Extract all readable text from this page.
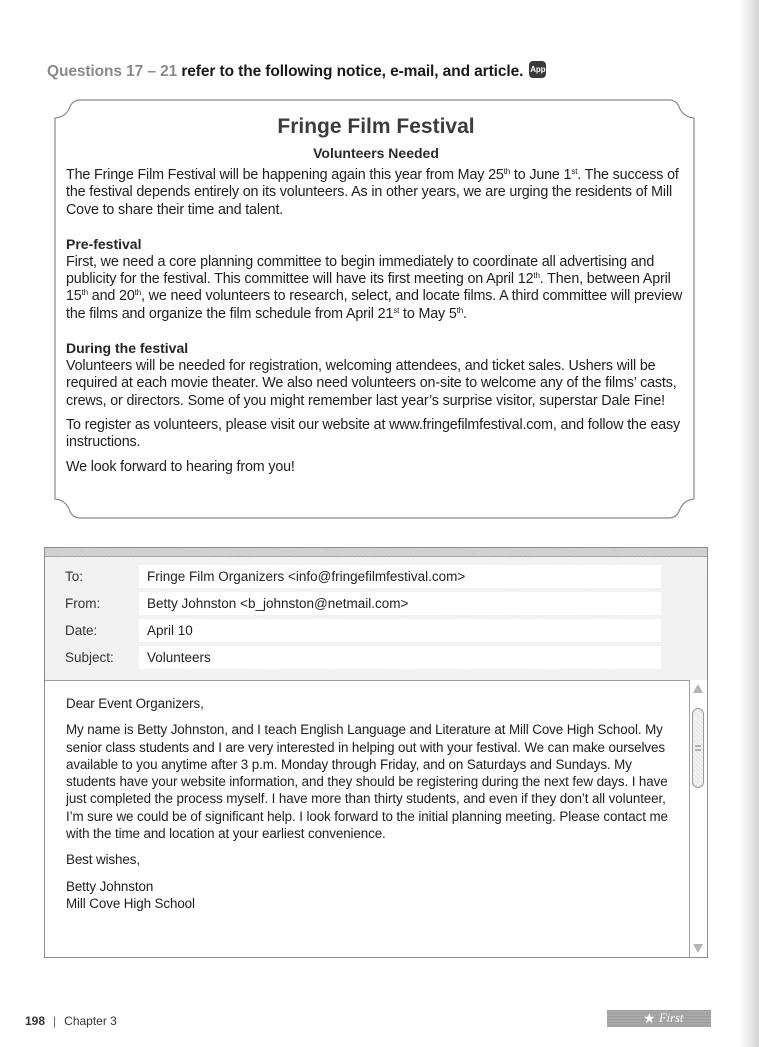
Questions 17 – 21 refer to the following notice, e-mail, and article. App
Fringe Film Festival
Volunteers Needed

The Fringe Film Festival will be happening again this year from May 25th to June 1st. The success of the festival depends entirely on its volunteers. As in other years, we are urging the residents of Mill Cove to share their time and talent.

Pre-festival

First, we need a core planning committee to begin immediately to coordinate all advertising and publicity for the festival. This committee will have its first meeting on April 12th. Then, between April 15th and 20th, we need volunteers to research, select, and locate films. A third committee will preview the films and organize the film schedule from April 21st to May 5th.

During the festival

Volunteers will be needed for registration, welcoming attendees, and ticket sales. Ushers will be required at each movie theater. We also need volunteers on-site to welcome any of the films’ casts, crews, or directors. Some of you might remember last year’s surprise visitor, superstar Dale Fine!

To register as volunteers, please visit our website at www.fringefilmfestival.com, and follow the easy instructions.

We look forward to hearing from you!

To:	Fringe Film Organizers <info@fringefilmfestival.com>
From:	Betty Johnston <b_johnston@netmail.com>
Date:	April 10
Subject:	Volunteers

Dear Event Organizers,

My name is Betty Johnston, and I teach English Language and Literature at Mill Cove High School. My senior class students and I are very interested in helping out with your festival. We can make ourselves available to you anytime after 3 p.m. Monday through Friday, and on Saturdays and Sundays. My students have your website information, and they should be registering during the next few days. I have just completed the process myself. I have more than thirty students, and even if they don’t all volunteer, I’m sure we could be of significant help. I look forward to the initial planning meeting. Please contact me with the time and location at your earliest convenience.

Best wishes,

Betty Johnston

Mill Cove High School

198 | Chapter 3	★ First News
